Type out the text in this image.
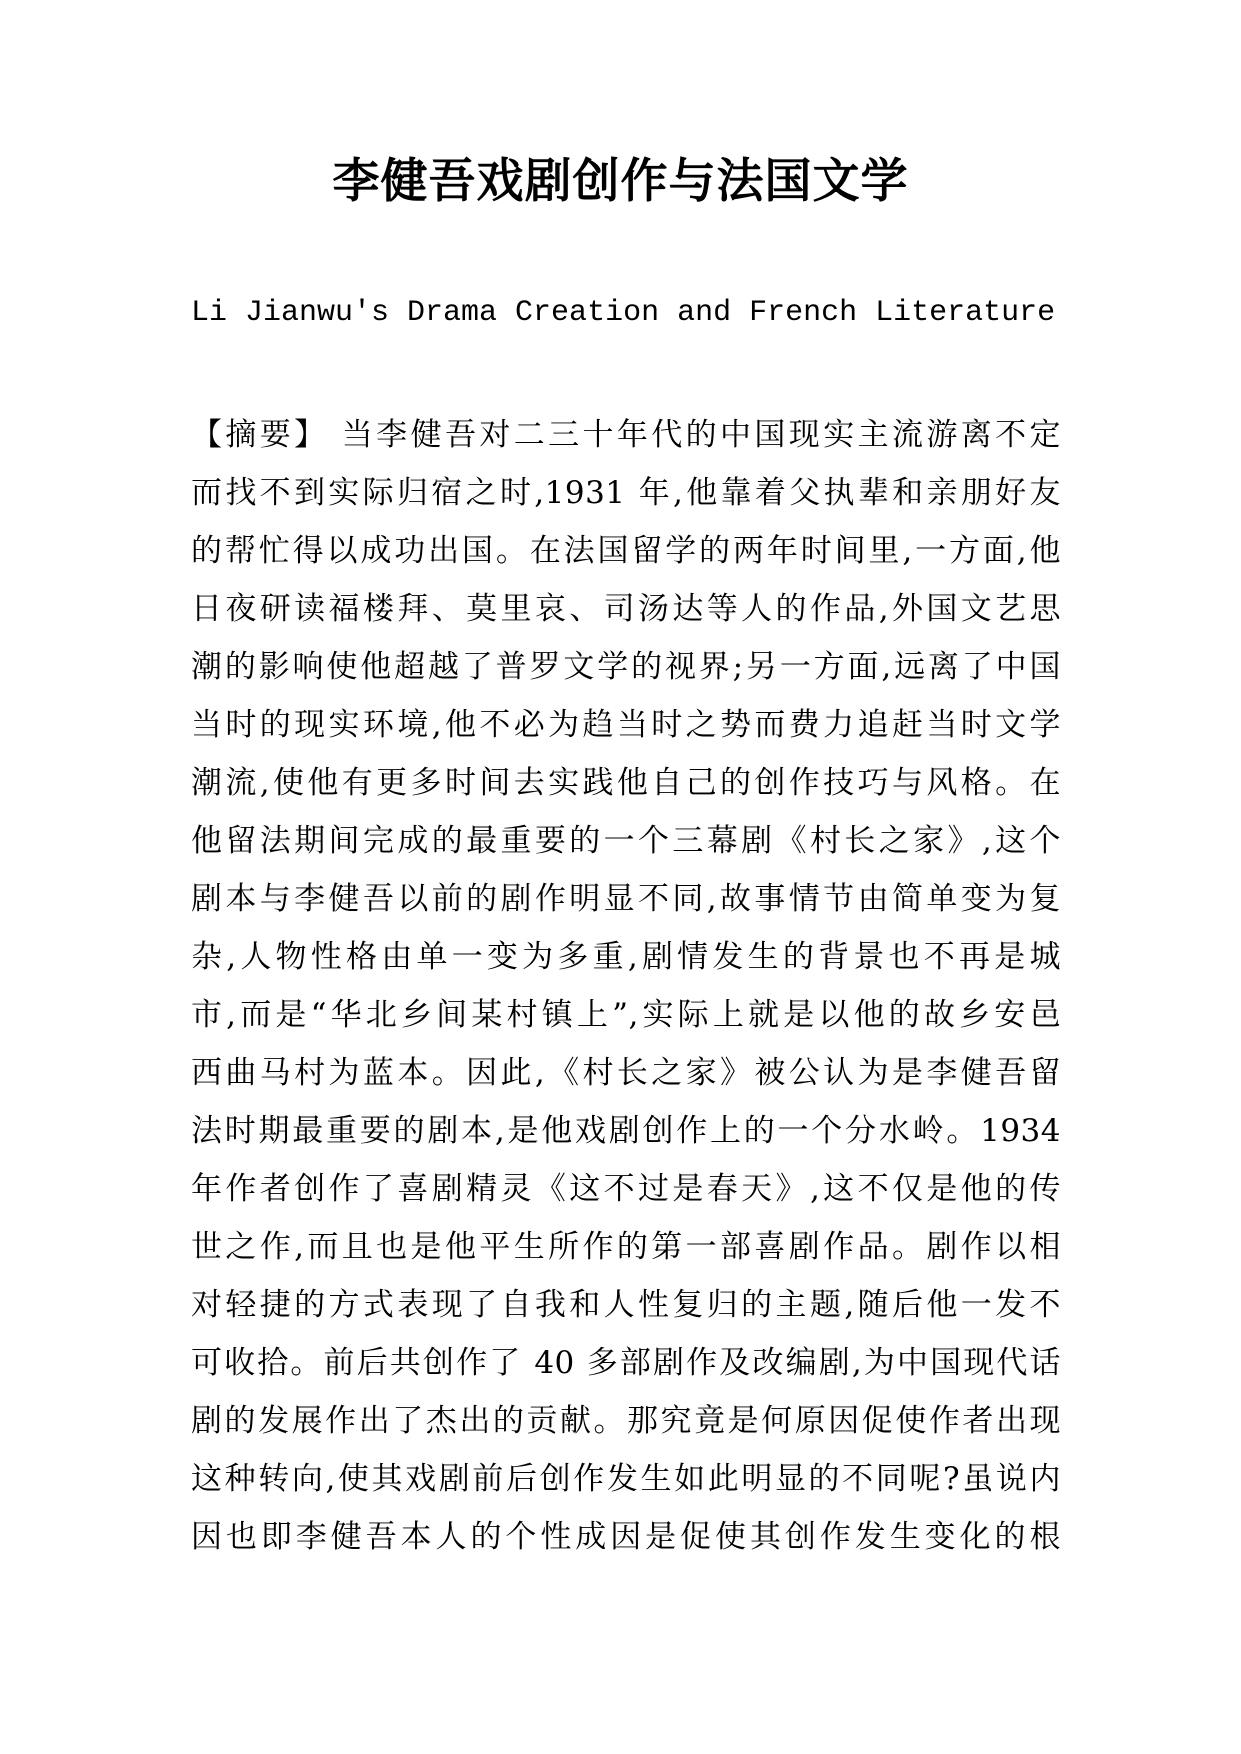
李健吾戏剧创作与法国文学

Li Jianwu's Drama Creation and French Literature

【摘要】 当李健吾对二三十年代的中国现实主流游离不定
而找不到实际归宿之时,1931 年,他靠着父执辈和亲朋好友
的帮忙得以成功出国。在法国留学的两年时间里,一方面,他
日夜研读福楼拜、莫里哀、司汤达等人的作品,外国文艺思
潮的影响使他超越了普罗文学的视界;另一方面,远离了中国
当时的现实环境,他不必为趋当时之势而费力追赶当时文学
潮流,使他有更多时间去实践他自己的创作技巧与风格。在
他留法期间完成的最重要的一个三幕剧《村长之家》,这个
剧本与李健吾以前的剧作明显不同,故事情节由简单变为复
杂,人物性格由单一变为多重,剧情发生的背景也不再是城
市,而是“华北乡间某村镇上”,实际上就是以他的故乡安邑
西曲马村为蓝本。因此,《村长之家》被公认为是李健吾留
法时期最重要的剧本,是他戏剧创作上的一个分水岭。1934
年作者创作了喜剧精灵《这不过是春天》,这不仅是他的传
世之作,而且也是他平生所作的第一部喜剧作品。剧作以相
对轻捷的方式表现了自我和人性复归的主题,随后他一发不
可收拾。前后共创作了 40 多部剧作及改编剧,为中国现代话
剧的发展作出了杰出的贡献。那究竟是何原因促使作者出现
这种转向,使其戏剧前后创作发生如此明显的不同呢?虽说内
因也即李健吾本人的个性成因是促使其创作发生变化的根
